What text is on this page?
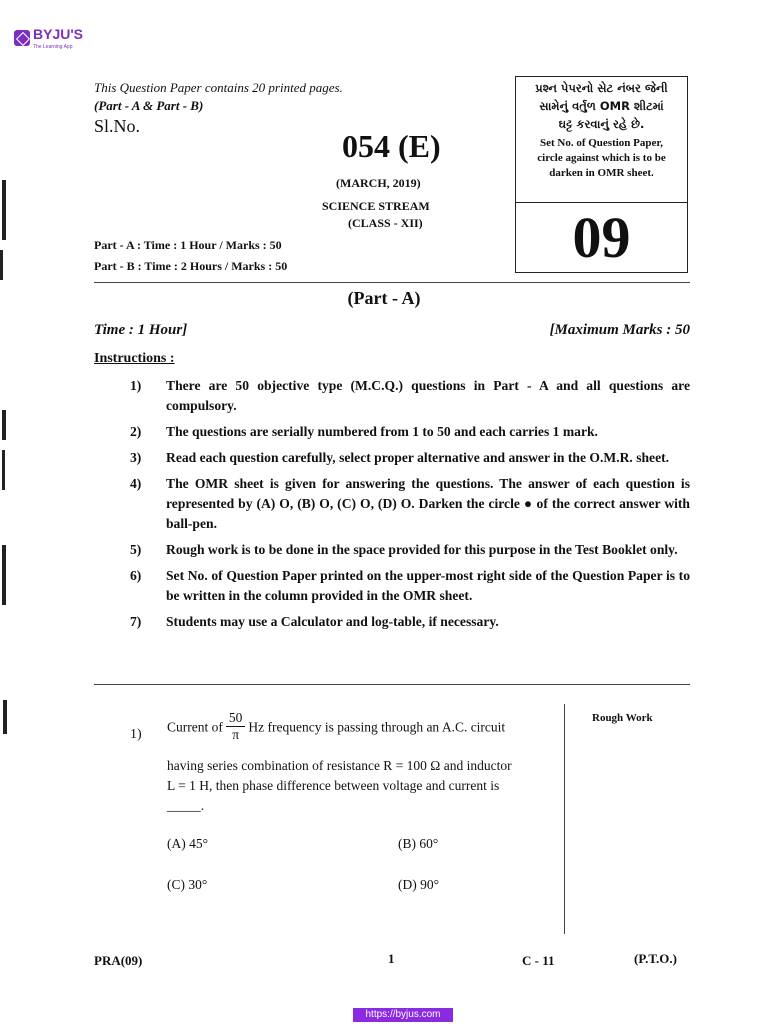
BYJU'S
The Learning App
This Question Paper contains 20 printed pages.
(Part - A & Part - B)
Sl.No.
054 (E)
(MARCH, 2019)
SCIENCE STREAM
(CLASS - XII)
Part - A : Time : 1 Hour / Marks : 50
Part - B : Time : 2 Hours / Marks : 50
પ્રશ્ન પેપરનો સેટ નંબર જેની
સામેનું વર્તુળ OMR શીટમાં
ઘટ્ટ કરવાનું રહે છે.
Set No. of Question Paper,
circle against which is to be
darken in OMR sheet.
09
(Part - A)
Time : 1 Hour]	[Maximum Marks : 50
Instructions :
1)	There are 50 objective type (M.C.Q.) questions in Part - A and all questions are compulsory.
2)	The questions are serially numbered from 1 to 50 and each carries 1 mark.
3)	Read each question carefully, select proper alternative and answer in the O.M.R. sheet.
4)	The OMR sheet is given for answering the questions. The answer of each question is represented by (A) O, (B) O, (C) O, (D) O. Darken the circle ● of the correct answer with ball-pen.
5)	Rough work is to be done in the space provided for this purpose in the Test Booklet only.
6)	Set No. of Question Paper printed on the upper-most right side of the Question Paper is to be written in the column provided in the OMR sheet.
7)	Students may use a Calculator and log-table, if necessary.
Rough Work
1) Current of $\frac{50}{\pi}$ Hz frequency is passing through an A.C. circuit
having series combination of resistance R = 100 Ω and inductor
L = 1 H, then phase difference between voltage and current is
_____.
(A) 45°	(B) 60°
(C) 30°	(D) 90°
PRA(09)	1	C - 11	(P.T.O.)
https://byjus.com
